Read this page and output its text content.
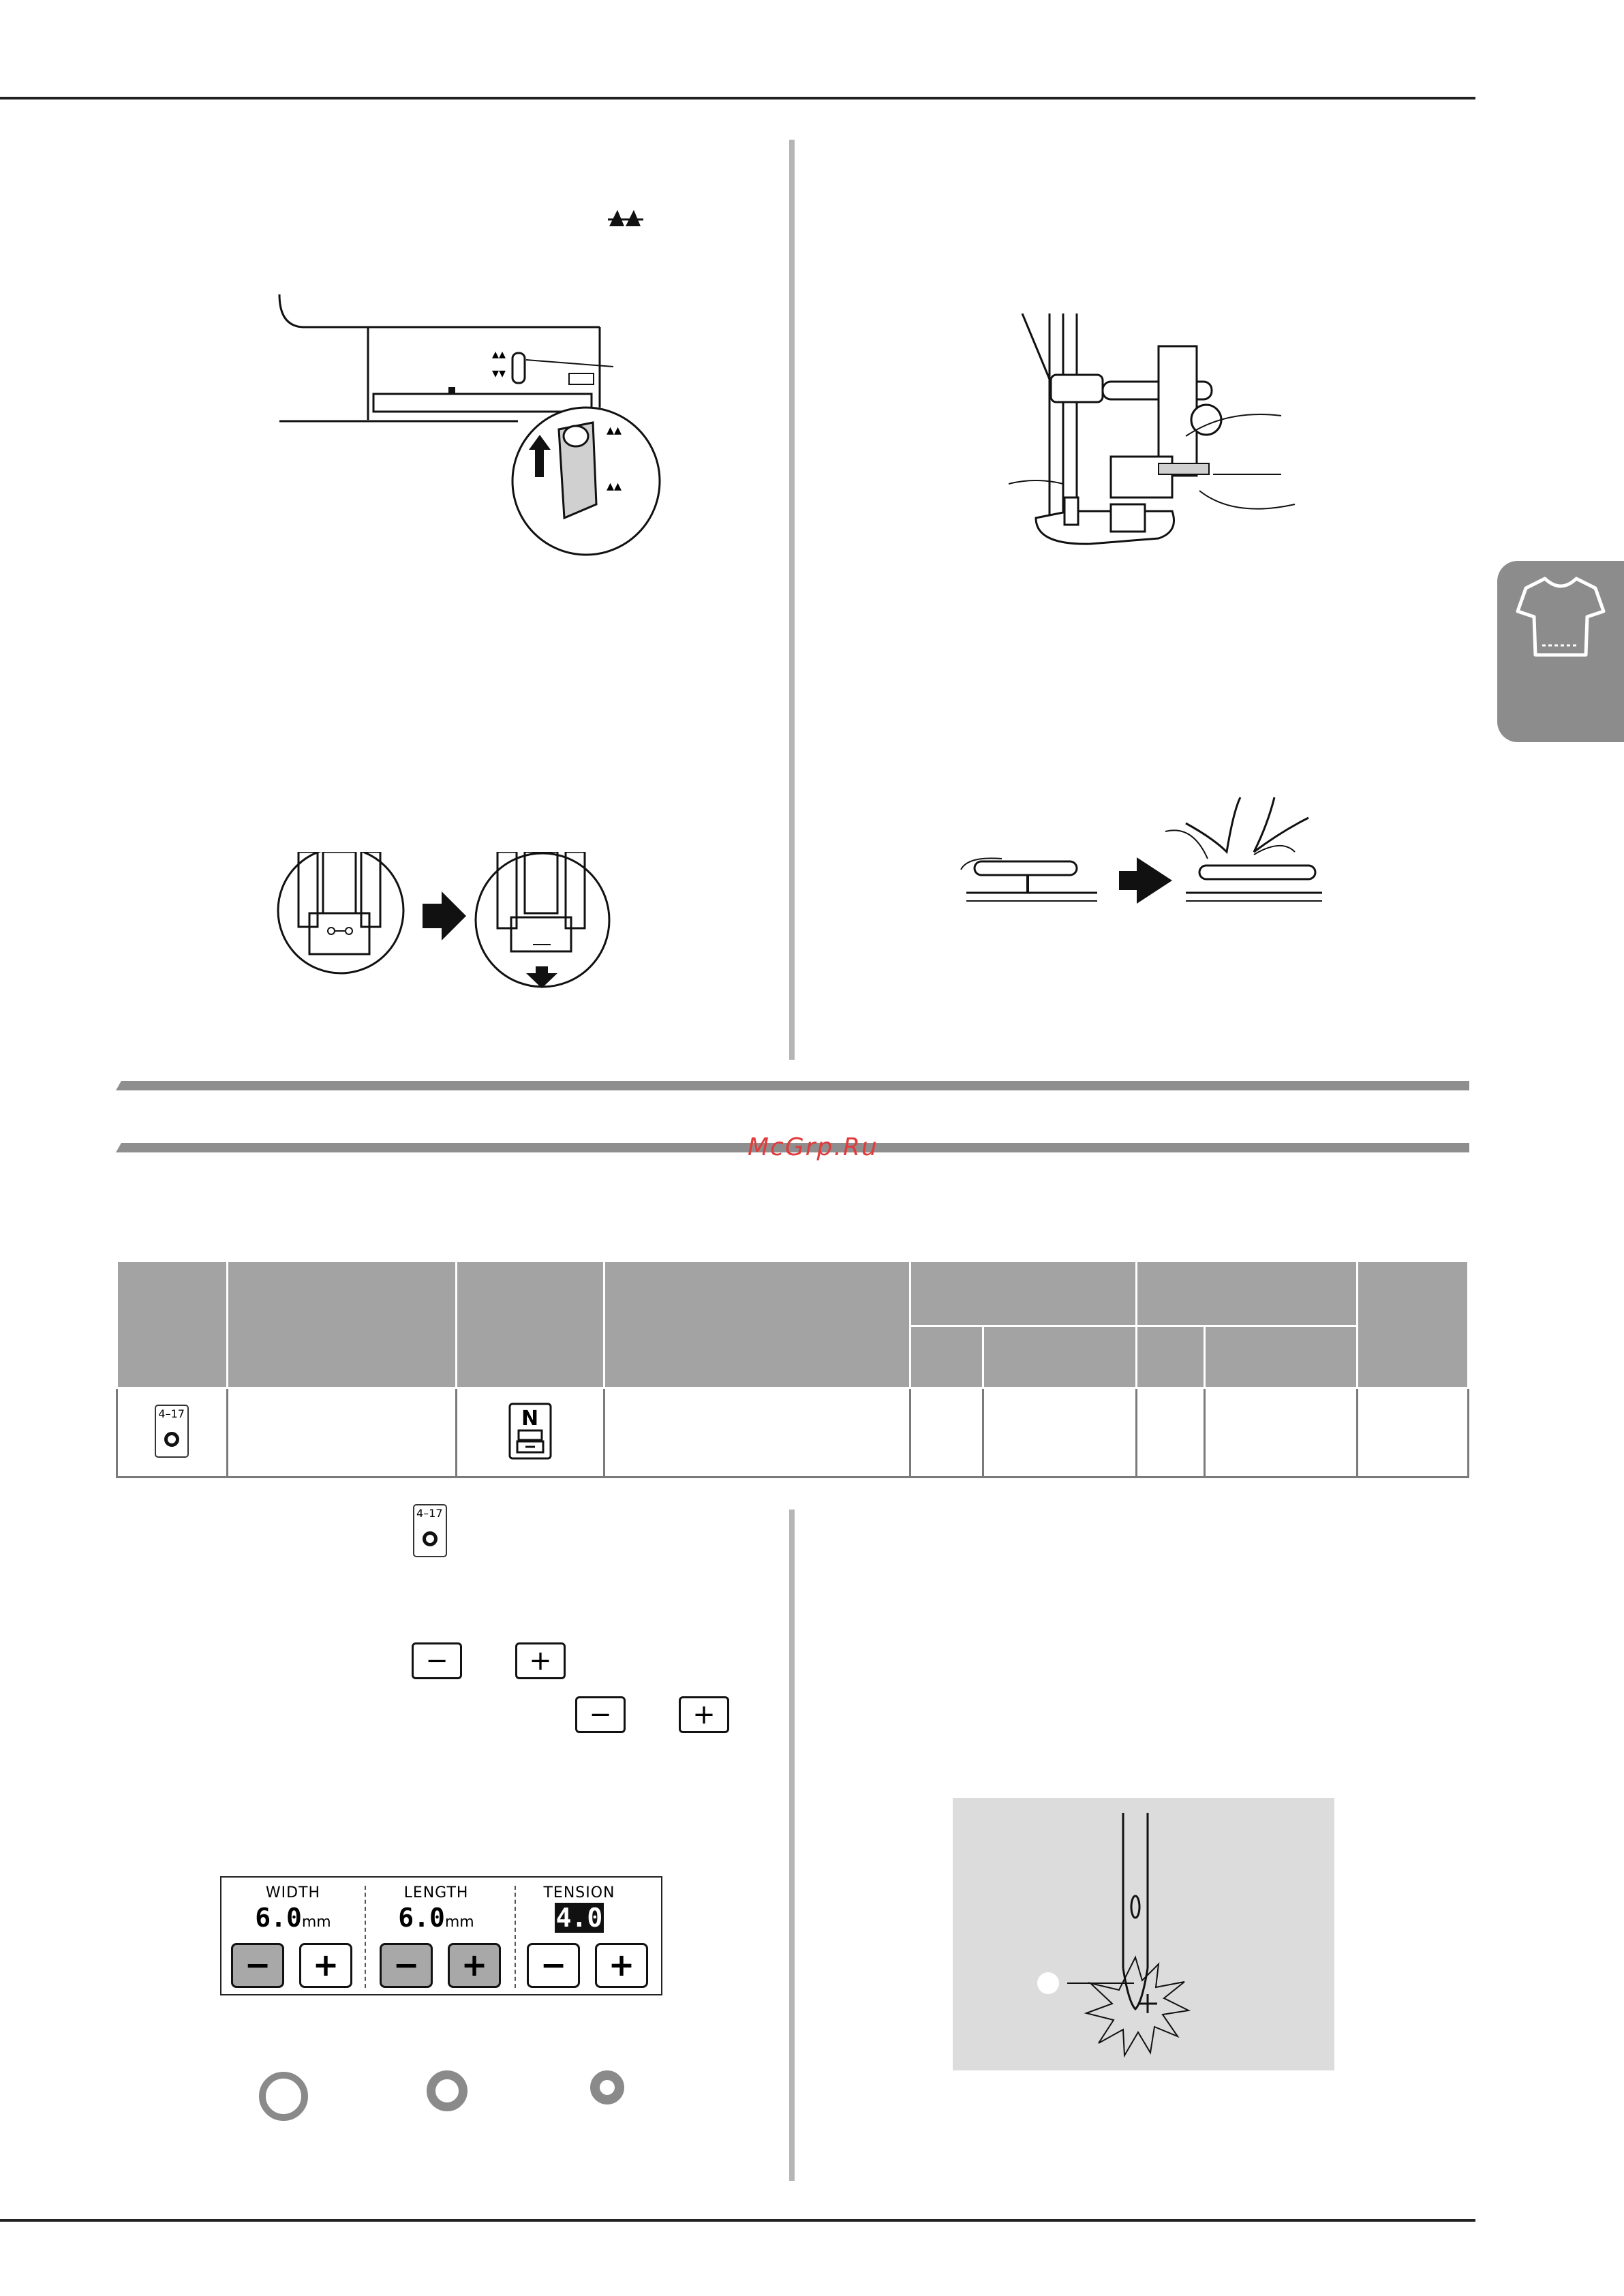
▴▴
▾▾
▴▴
▴▴
McGrp.Ru

4–17		N						

4–17
−	+
−	+
WIDTH
6.0mm
LENGTH
6.0mm
TENSION
4.0
−	+	−	+	−	+
